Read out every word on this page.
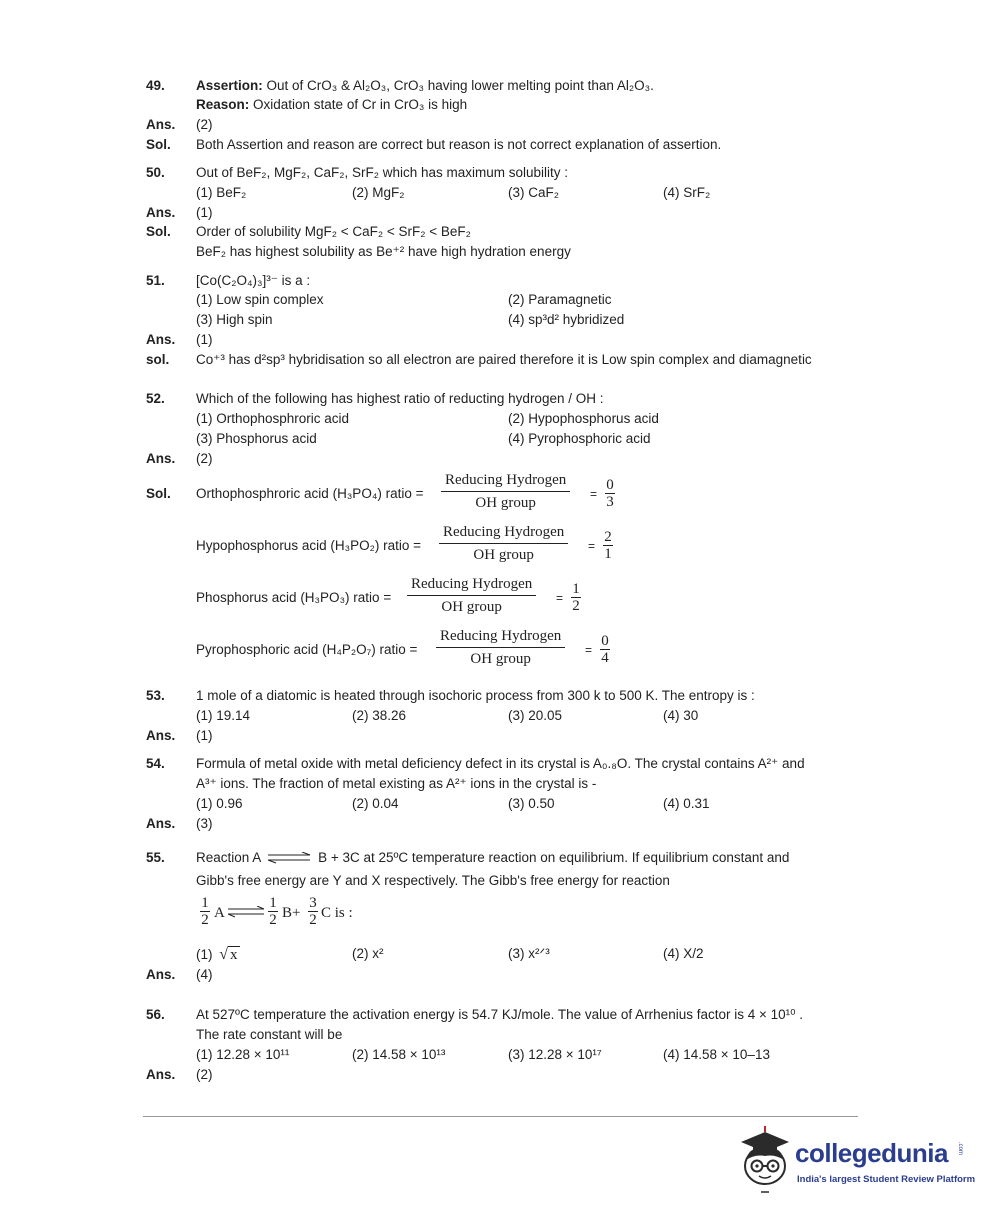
49. Assertion: Out of CrO₃ & Al₂O₃, CrO₃ having lower melting point than Al₂O₃.
Reason: Oxidation state of Cr in CrO₃ is high
Ans. (2)
Sol. Both Assertion and reason are correct but reason is not correct explanation of assertion.
50. Out of BeF₂, MgF₂, CaF₂, SrF₂ which has maximum solubility :
(1) BeF₂	(2) MgF₂	(3) CaF₂	(4) SrF₂
Ans. (1)
Sol. Order of solubility MgF₂ < CaF₂ < SrF₂ < BeF₂
BeF₂ has highest solubility as Be⁺² have high hydration energy
51. [Co(C₂O₄)₃]³⁻ is a :
(1) Low spin complex	(2) Paramagnetic
(3) High spin	(4) sp³d² hybridized
Ans. (1)
sol. Co⁺³ has d²sp³ hybridisation so all electron are paired therefore it is Low spin complex and diamagnetic
52. Which of the following has highest ratio of reducting hydrogen / OH :
(1) Orthophosphroric acid	(2) Hypophosphorus acid
(3) Phosphorus acid	(4) Pyrophosphoric acid
Ans. (2)
Sol. Orthophosphroric acid (H₃PO₄) ratio =
Reducing Hydrogen
OH group
= $\frac{0}{3}$
Hypophosphorus acid (H₃PO₂) ratio =
Reducing Hydrogen
OH group
= $\frac{2}{1}$
Phosphorus acid (H₃PO₃) ratio =
Reducing Hydrogen
OH group
= $\frac{1}{2}$
Pyrophosphoric acid (H₄P₂O₇) ratio =
Reducing Hydrogen
OH group
= $\frac{0}{4}$
53. 1 mole of a diatomic is heated through isochoric process from 300 k to 500 K. The entropy is :
(1) 19.14	(2) 38.26	(3) 20.05	(4) 30
Ans. (1)
54. Formula of metal oxide with metal deficiency defect in its crystal is A₀.₈O. The crystal contains A²⁺ and
A³⁺ ions. The fraction of metal existing as A²⁺ ions in the crystal is -
(1) 0.96	(2) 0.04	(3) 0.50	(4) 0.31
Ans. (3)
55. Reaction A ⇌ B + 3C at 25ºC temperature reaction on equilibrium. If equilibrium constant and
Gibb's free energy are Y and X respectively. The Gibb's free energy for reaction
$\frac{1}{2}$ A ⇌ $\frac{1}{2} B+ \frac{3}{2}$ C is :
(1) √ x	(2) x²	(3) x²ᐟ³	(4) X/2
Ans. (4)
56. At 527ºC temperature the activation energy is 54.7 KJ/mole. The value of Arrhenius factor is 4 × 10¹⁰ .
The rate constant will be
(1) 12.28 × 10¹¹	(2) 14.58 × 10¹³	(3) 12.28 × 10¹⁷	(4) 14.58 × 10–13
Ans. (2)
collegedunia .com
India's largest Student Review Platform
